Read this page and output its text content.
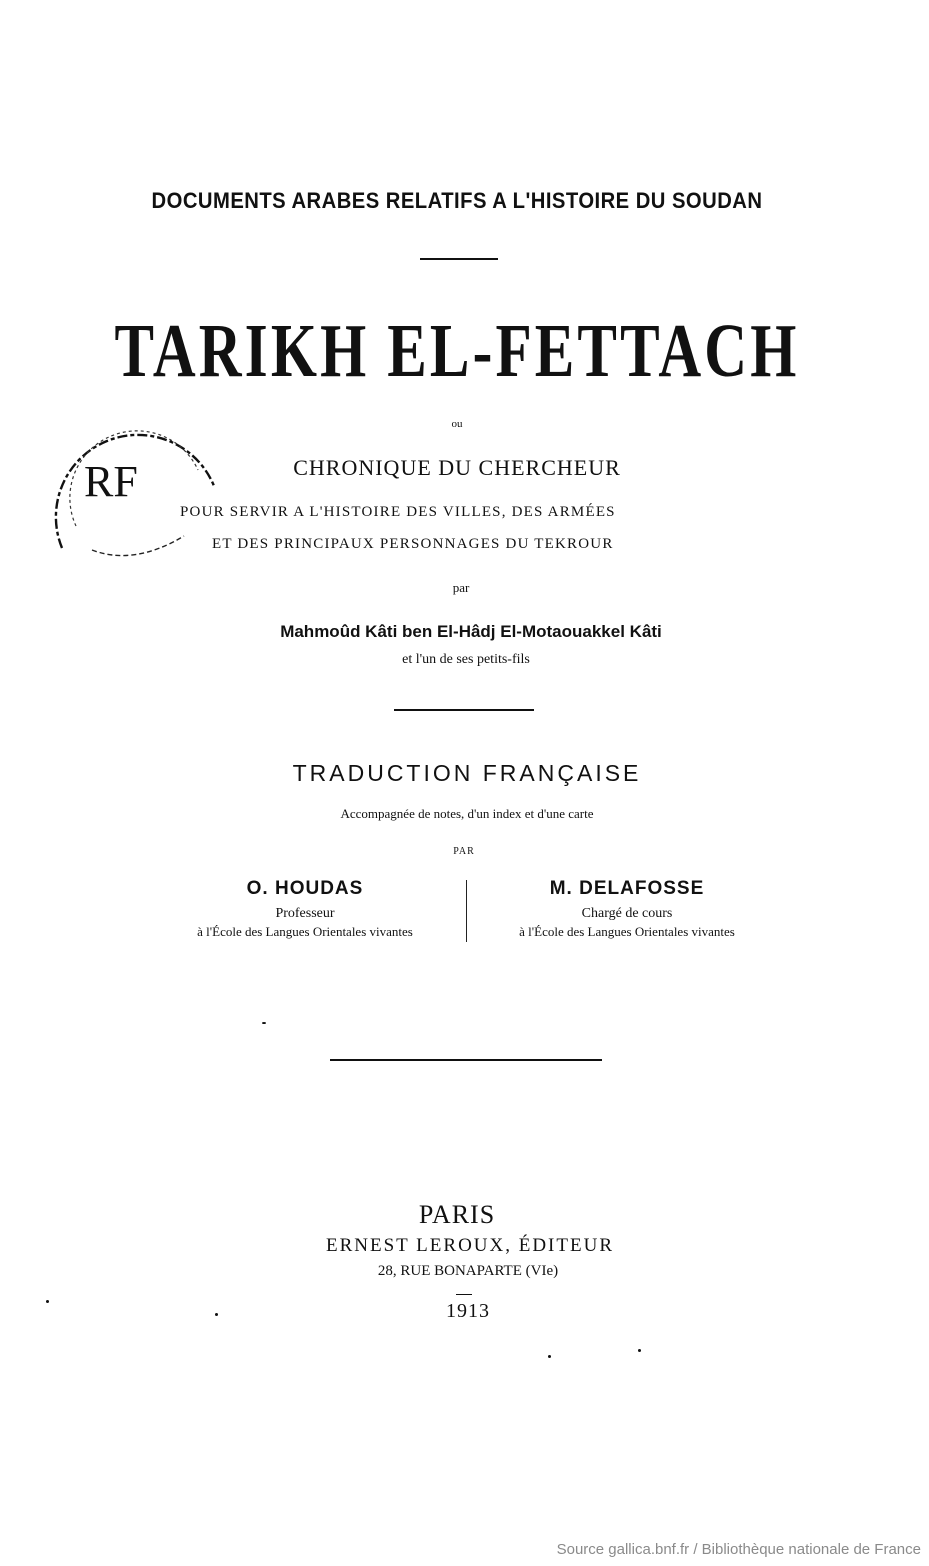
DOCUMENTS ARABES RELATIFS A L'HISTOIRE DU SOUDAN
TARIKH EL-FETTACH
ou
CHRONIQUE DU CHERCHEUR
POUR SERVIR A L'HISTOIRE DES VILLES, DES ARMÉES
ET DES PRINCIPAUX PERSONNAGES DU TEKROUR
RF
par
Mahmoûd Kâti ben El-Hâdj El-Motaouakkel Kâti
et l'un de ses petits-fils
TRADUCTION FRANÇAISE
Accompagnée de notes, d'un index et d'une carte
PAR
O. HOUDAS
Professeur
à l'École des Langues Orientales vivantes
M. DELAFOSSE
Chargé de cours
à l'École des Langues Orientales vivantes
PARIS
ERNEST LEROUX, ÉDITEUR
28, RUE BONAPARTE (VIe)
1913
Source gallica.bnf.fr / Bibliothèque nationale de France
